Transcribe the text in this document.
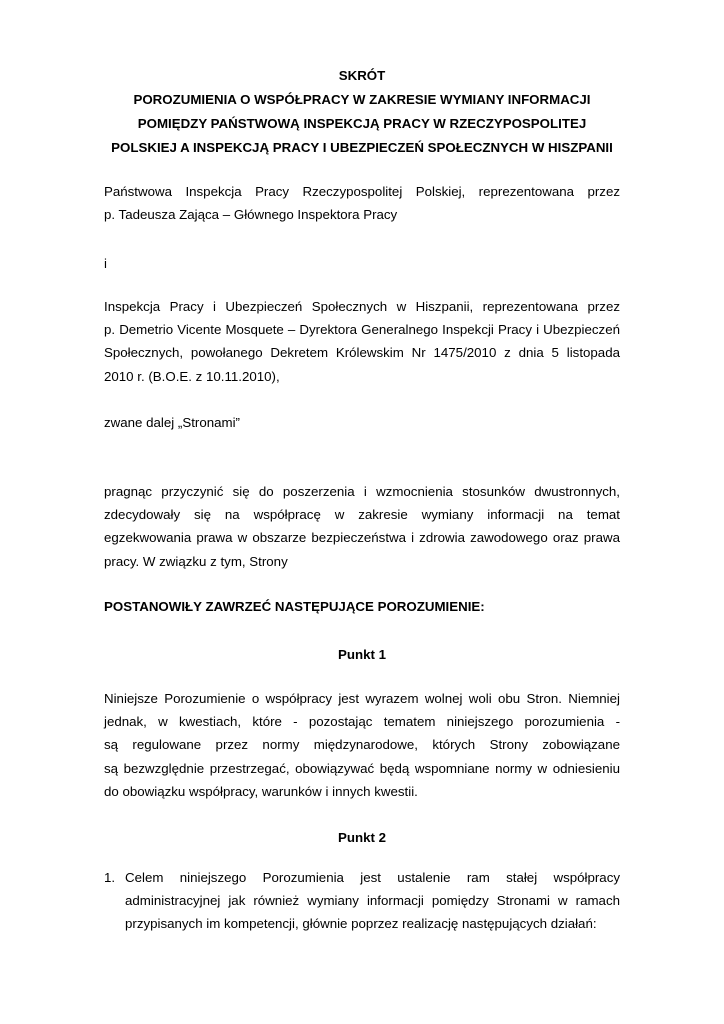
SKRÓT
POROZUMIENIA O WSPÓŁPRACY W ZAKRESIE WYMIANY INFORMACJI
POMIĘDZY PAŃSTWOWĄ INSPEKCJĄ PRACY W RZECZYPOSPOLITEJ
POLSKIEJ A INSPEKCJĄ PRACY I UBEZPIECZEŃ SPOŁECZNYCH W HISZPANII
Państwowa Inspekcja Pracy Rzeczypospolitej Polskiej, reprezentowana przez
p. Tadeusza Zająca – Głównego Inspektora Pracy
i
Inspekcja Pracy i Ubezpieczeń Społecznych w Hiszpanii, reprezentowana przez
p. Demetrio Vicente Mosquete – Dyrektora Generalnego Inspekcji Pracy i Ubezpieczeń
Społecznych, powołanego Dekretem Królewskim Nr 1475/2010 z dnia 5 listopada
2010 r. (B.O.E. z 10.11.2010),
zwane dalej „Stronami”
pragnąc przyczynić się do poszerzenia i wzmocnienia stosunków dwustronnych,
zdecydowały się na współpracę w zakresie wymiany informacji na temat
egzekwowania prawa w obszarze bezpieczeństwa i zdrowia zawodowego oraz prawa
pracy. W związku z tym, Strony
POSTANOWIŁY ZAWRZEĆ NASTĘPUJĄCE POROZUMIENIE:
Punkt 1
Niniejsze Porozumienie o współpracy jest wyrazem wolnej woli obu Stron. Niemniej
jednak, w kwestiach, które - pozostając tematem niniejszego porozumienia -
są regulowane przez normy międzynarodowe, których Strony zobowiązane
są bezwzględnie przestrzegać, obowiązywać będą wspomniane normy w odniesieniu
do obowiązku współpracy, warunków i innych kwestii.
Punkt 2
1. Celem niniejszego Porozumienia jest ustalenie ram stałej współpracy
administracyjnej jak również wymiany informacji pomiędzy Stronami w ramach
przypisanych im kompetencji, głównie poprzez realizację następujących działań:
